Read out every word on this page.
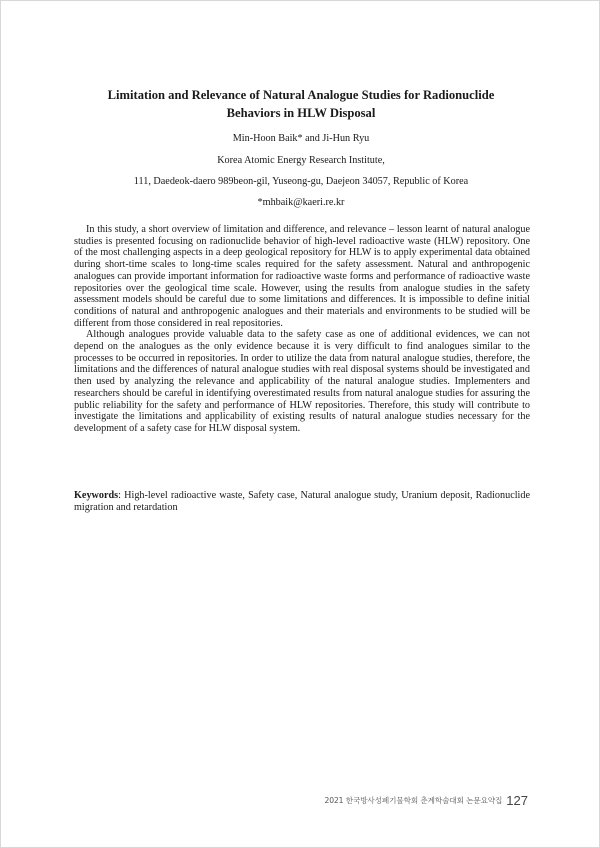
Limitation and Relevance of Natural Analogue Studies for Radionuclide
Behaviors in HLW Disposal
Min-Hoon Baik* and Ji-Hun Ryu
Korea Atomic Energy Research Institute,
111, Daedeok-daero 989beon-gil, Yuseong-gu, Daejeon 34057, Republic of Korea
*mhbaik@kaeri.re.kr

In this study, a short overview of limitation and difference, and relevance – lesson learnt of natural analogue studies is presented focusing on radionuclide behavior of high-level radioactive waste (HLW) repository. One of the most challenging aspects in a deep geological repository for HLW is to apply experimental data obtained during short-time scales to long-time scales required for the safety assessment. Natural and anthropogenic analogues can provide important information for radioactive waste forms and performance of radioactive waste repositories over the geological time scale. However, using the results from analogue studies in the safety assessment models should be careful due to some limitations and differences. It is impossible to define initial conditions of natural and anthropogenic analogues and their materials and environments to be studied will be different from those considered in real repositories.

Although analogues provide valuable data to the safety case as one of additional evidences, we can not depend on the analogues as the only evidence because it is very difficult to find analogues similar to the processes to be occurred in repositories. In order to utilize the data from natural analogue studies, therefore, the limitations and the differences of natural analogue studies with real disposal systems should be investigated and then used by analyzing the relevance and applicability of the natural analogue studies. Implementers and researchers should be careful in identifying overestimated results from natural analogue studies for assuring the public reliability for the safety and performance of HLW repositories. Therefore, this study will contribute to investigate the limitations and applicability of existing results of natural analogue studies necessary for the development of a safety case for HLW disposal system.

Keywords: High-level radioactive waste, Safety case, Natural analogue study, Uranium deposit, Radionuclide migration and retardation
2021 한국방사성폐기물학회 춘계학술대회 논문요약집 127
